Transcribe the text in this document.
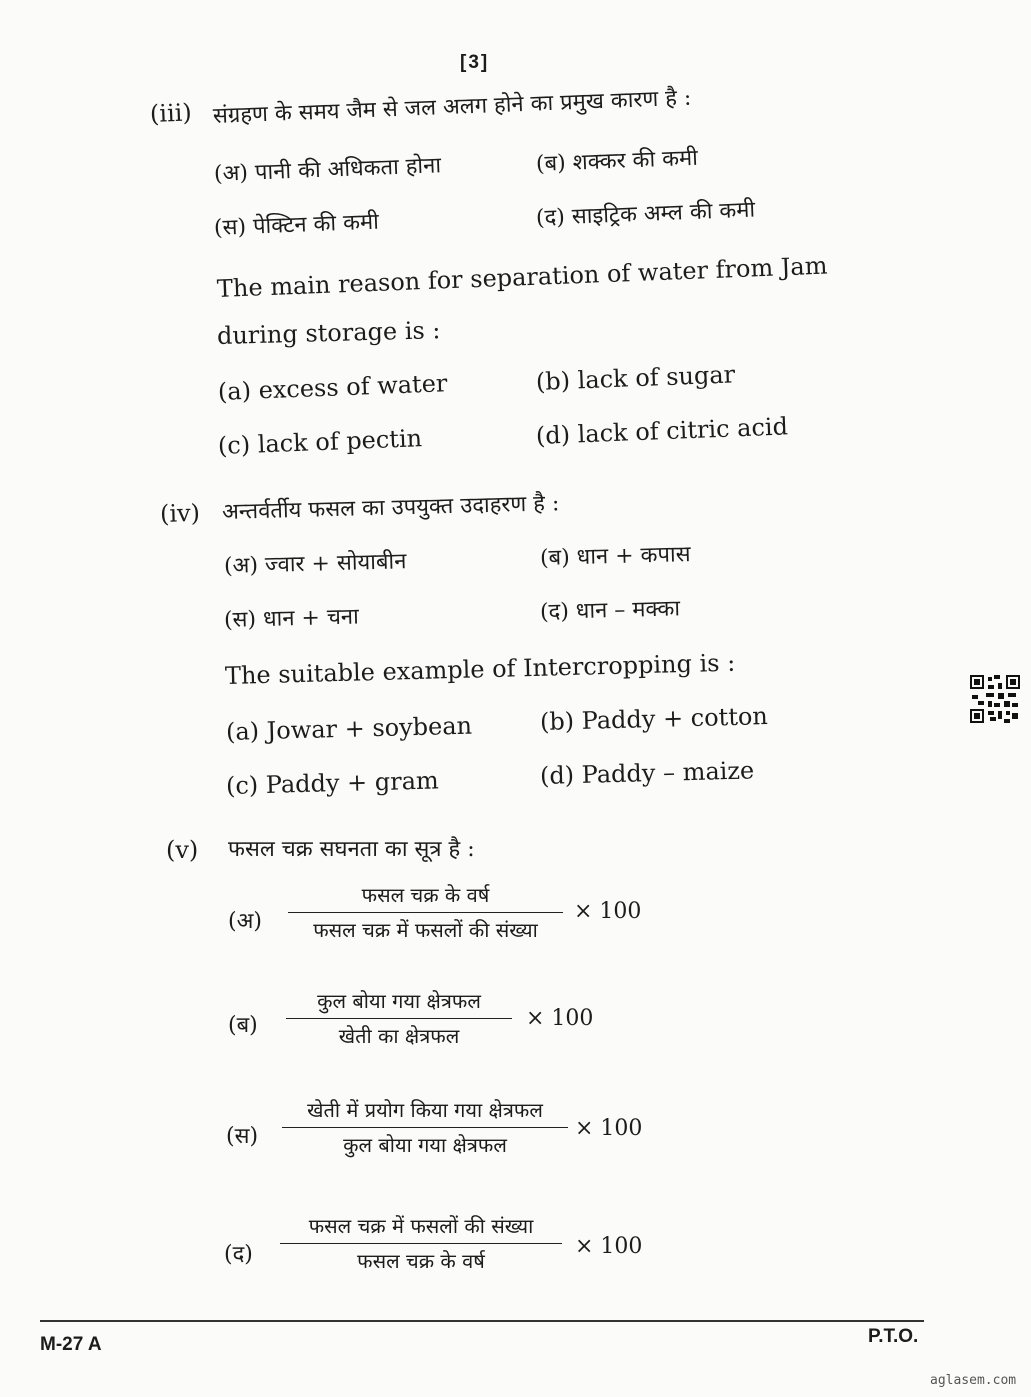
[3]
(iii) संग्रहण के समय जैम से जल अलग होने का प्रमुख कारण है :
(अ) पानी की अधिकता होना	(ब) शक्कर की कमी
(स) पेक्टिन की कमी	(द) साइट्रिक अम्ल की कमी
The main reason for separation of water from Jam
during storage is :
(a) excess of water	(b) lack of sugar
(c) lack of pectin	(d) lack of citric acid
(iv) अन्तर्वर्तीय फसल का उपयुक्त उदाहरण है :
(अ) ज्वार + सोयाबीन	(ब) धान + कपास
(स) धान + चना	(द) धान – मक्का
The suitable example of Intercropping is :
(a) Jowar + soybean	(b) Paddy + cotton
(c) Paddy + gram	(d) Paddy – maize
(v) फसल चक्र सघनता का सूत्र है :
(अ)
फसल चक्र के वर्ष
फसल चक्र में फसलों की संख्या
× 100
(ब)
कुल बोया गया क्षेत्रफल
खेती का क्षेत्रफल
× 100
(स)
खेती में प्रयोग किया गया क्षेत्रफल
कुल बोया गया क्षेत्रफल
× 100
(द)
फसल चक्र में फसलों की संख्या
फसल चक्र के वर्ष
× 100
M-27 A	P.T.O.
aglasem.com
